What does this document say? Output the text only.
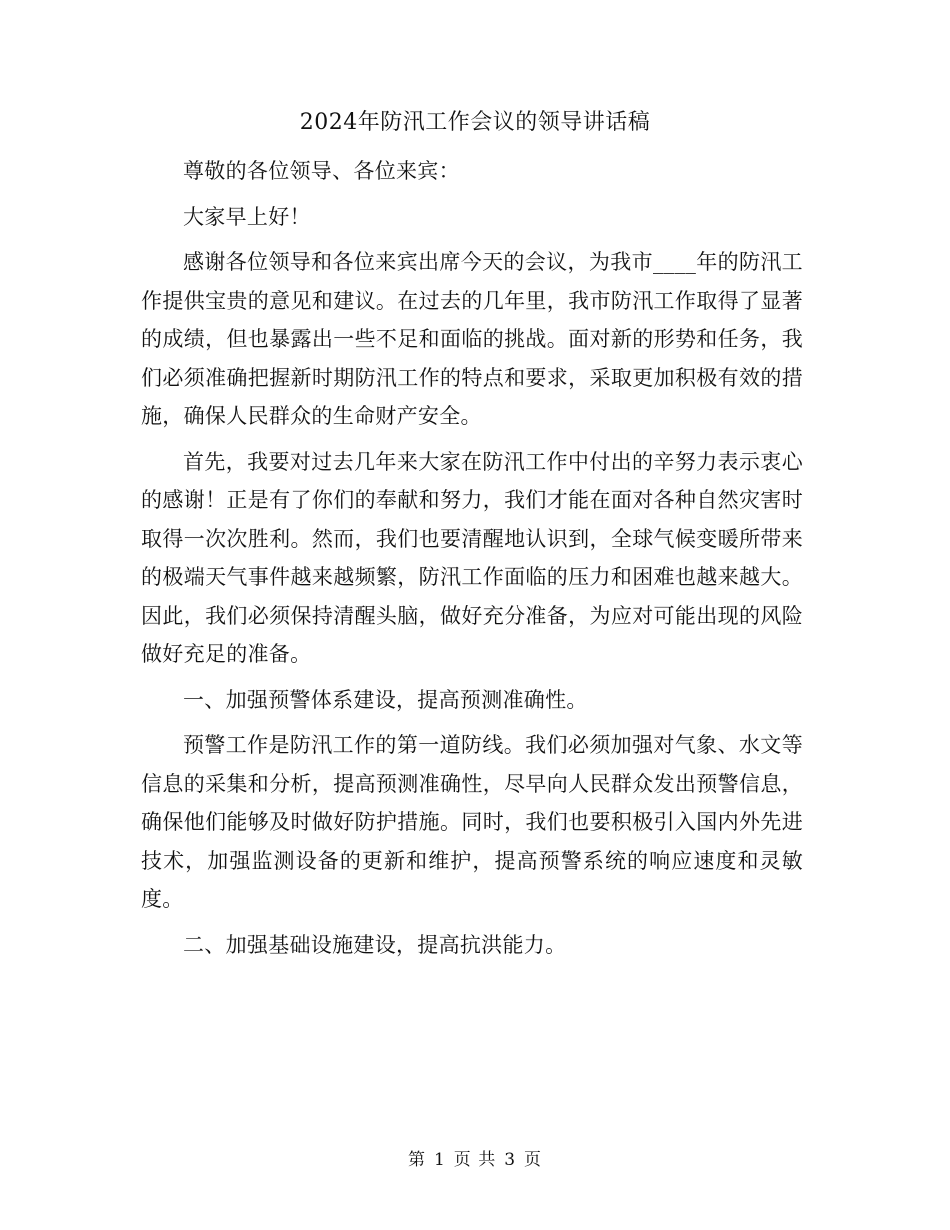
2024年防汛工作会议的领导讲话稿

尊敬的各位领导、各位来宾：

大家早上好！

感谢各位领导和各位来宾出席今天的会议，为我市____年的防汛工作提供宝贵的意见和建议。在过去的几年里，我市防汛工作取得了显著的成绩，但也暴露出一些不足和面临的挑战。面对新的形势和任务，我们必须准确把握新时期防汛工作的特点和要求，采取更加积极有效的措施，确保人民群众的生命财产安全。

首先，我要对过去几年来大家在防汛工作中付出的辛努力表示衷心的感谢！正是有了你们的奉献和努力，我们才能在面对各种自然灾害时取得一次次胜利。然而，我们也要清醒地认识到，全球气候变暖所带来的极端天气事件越来越频繁，防汛工作面临的压力和困难也越来越大。因此，我们必须保持清醒头脑，做好充分准备，为应对可能出现的风险做好充足的准备。

一、加强预警体系建设，提高预测准确性。

预警工作是防汛工作的第一道防线。我们必须加强对气象、水文等信息的采集和分析，提高预测准确性，尽早向人民群众发出预警信息，确保他们能够及时做好防护措施。同时，我们也要积极引入国内外先进技术，加强监测设备的更新和维护，提高预警系统的响应速度和灵敏度。

二、加强基础设施建设，提高抗洪能力。

第 1 页 共 3 页
